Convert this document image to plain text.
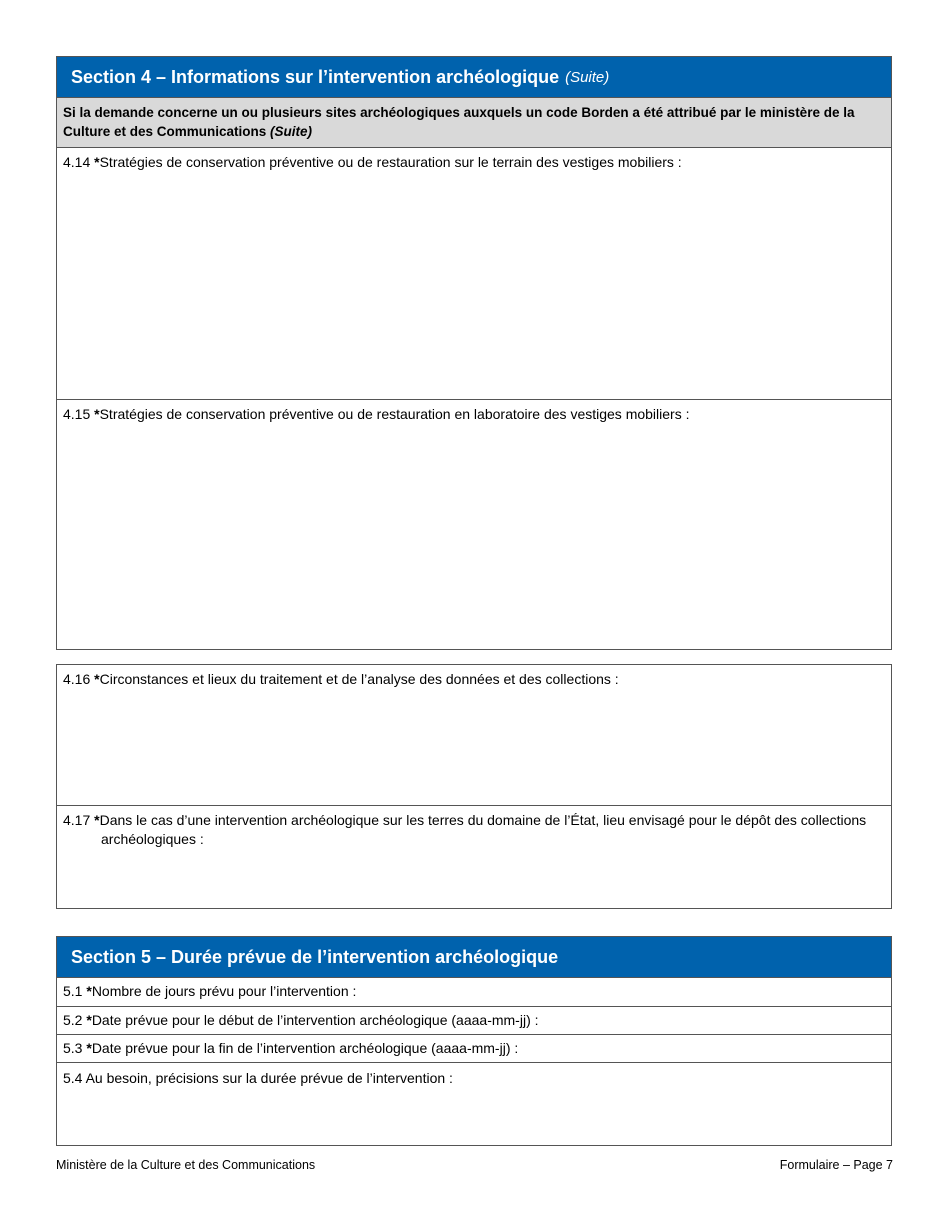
Section 4 – Informations sur l’intervention archéologique (Suite)
Si la demande concerne un ou plusieurs sites archéologiques auxquels un code Borden a été attribué par le ministère de la Culture et des Communications (Suite)
4.14 *Stratégies de conservation préventive ou de restauration sur le terrain des vestiges mobiliers :
4.15 *Stratégies de conservation préventive ou de restauration en laboratoire des vestiges mobiliers :
4.16 *Circonstances et lieux du traitement et de l’analyse des données et des collections :
4.17 *Dans le cas d’une intervention archéologique sur les terres du domaine de l’État, lieu envisagé pour le dépôt des collections archéologiques :
Section 5 – Durée prévue de l’intervention archéologique
5.1 *Nombre de jours prévu pour l’intervention :
5.2 *Date prévue pour le début de l’intervention archéologique (aaaa-mm-jj) :
5.3 *Date prévue pour la fin de l’intervention archéologique (aaaa-mm-jj) :
5.4 Au besoin, précisions sur la durée prévue de l’intervention :
Ministère de la Culture et des Communications	Formulaire – Page 7
